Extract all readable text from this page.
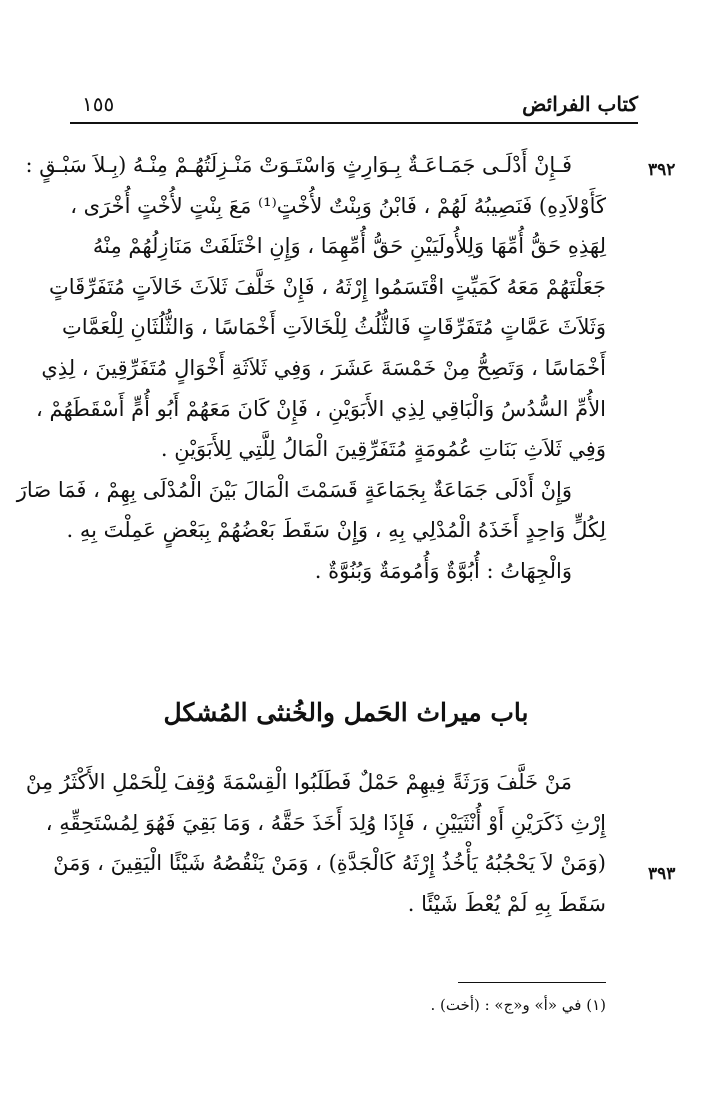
كتاب الفرائض
١٥٥
٣٩٢
٣٩٣
فَـإِنْ أَدْلَـى جَمَـاعَـةٌ بِـوَارِثٍ وَاسْتَـوَتْ مَنْـزِلَتُهُـمْ مِنْـهُ (بِـلاَ سَبْـقٍ :
كَأَوْلاَدِهِ) فَنَصِيبُهُ لَهُمْ ، فَابْنُ وَبِنْتٌ لأُخْتٍ⁽¹⁾ مَعَ بِنْتٍ لأُخْتٍ أُخْرَى ،
لِهَذِهِ حَقُّ أُمِّهَا وَلِلأُولَيَيْنِ حَقُّ أُمِّهِمَا ، وَإِنِ اخْتَلَفَتْ مَنَازِلُهُمْ مِنْهُ
جَعَلْتَهُمْ مَعَهُ كَمَيِّتٍ اقْتَسَمُوا إِرْثَهُ ، فَإِنْ خَلَّفَ ثَلاَثَ خَالاَتٍ مُتَفَرِّقَاتٍ
وَثَلاَثَ عَمَّاتٍ مُتَفَرِّقَاتٍ فَالثُّلُثُ لِلْخَالاَتِ أَخْمَاسًا ، وَالثُّلُثَانِ لِلْعَمَّاتِ
أَخْمَاسًا ، وَتَصِحُّ مِنْ خَمْسَةَ عَشَرَ ، وَفِي ثَلاَثَةِ أَخْوَالٍ مُتَفَرِّقِينَ ، لِذِي
الأُمِّ السُّدُسُ وَالْبَاقِي لِذِي الأَبَوَيْنِ ، فَإِنْ كَانَ مَعَهُمْ أَبُو أُمٍّ أَسْقَطَهُمْ ،
وَفِي ثَلاَثِ بَنَاتِ عُمُومَةٍ مُتَفَرِّقِينَ الْمَالُ لِلَّتِي لِلأَبَوَيْنِ .
وَإِنْ أَدْلَى جَمَاعَةٌ بِجَمَاعَةٍ قَسَمْتَ الْمَالَ بَيْنَ الْمُدْلَى بِهِمْ ، فَمَا صَارَ
لِكُلٍّ وَاحِدٍ أَخَذَهُ الْمُدْلِي بِهِ ، وَإِنْ سَقَطَ بَعْضُهُمْ بِبَعْضٍ عَمِلْتَ بِهِ .
وَالْجِهَاتُ : أُبُوَّةٌ وَأُمُومَةٌ وَبُنُوَّةٌ .
باب ميراث الحَمل والخُنثى المُشكل
مَنْ خَلَّفَ وَرَثَةً فِيهِمْ حَمْلٌ فَطَلَبُوا الْقِسْمَةَ وُقِفَ لِلْحَمْلِ الأَكْثَرُ مِنْ
إِرْثِ ذَكَرَيْنِ أَوْ أُنْثَيَيْنِ ، فَإِذَا وُلِدَ أَخَذَ حَقَّهُ ، وَمَا بَقِيَ فَهُوَ لِمُسْتَحِقِّهِ ،
(وَمَنْ لاَ يَحْجُبُهُ يَأْخُذُ إِرْثَهُ كَالْجَدَّةِ) ، وَمَنْ يَنْقُصُهُ شَيْئًا الْيَقِينَ ، وَمَنْ
سَقَطَ بِهِ لَمْ يُعْطَ شَيْئًا .
(١) في «أ» و«ج» : (أخت) .
